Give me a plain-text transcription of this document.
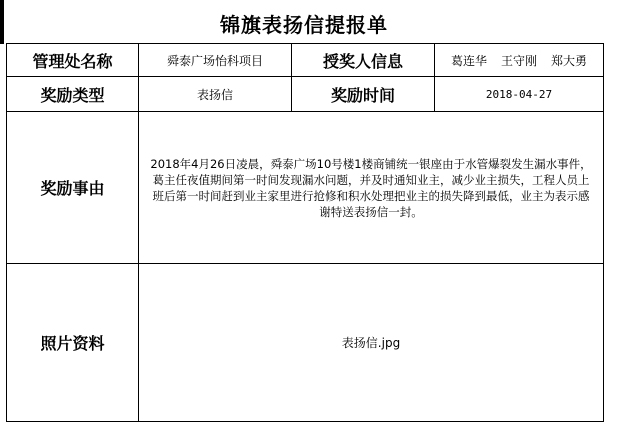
锦旗表扬信提报单
管理处名称	舜泰广场怡科项目	授奖人信息	葛连华 王守刚 郑大勇
奖励类型	表扬信	奖励时间	2018-04-27
奖励事由	2018年4月26日凌晨，舜泰广场10号楼1楼商铺统一银座由于水管爆裂发生漏水事件，葛主任夜值期间第一时间发现漏水问题，并及时通知业主，减少业主损失，工程人员上班后第一时间赶到业主家里进行抢修和积水处理把业主的损失降到最低，业主为表示感谢特送表扬信一封。		
照片资料	表扬信.jpg		
